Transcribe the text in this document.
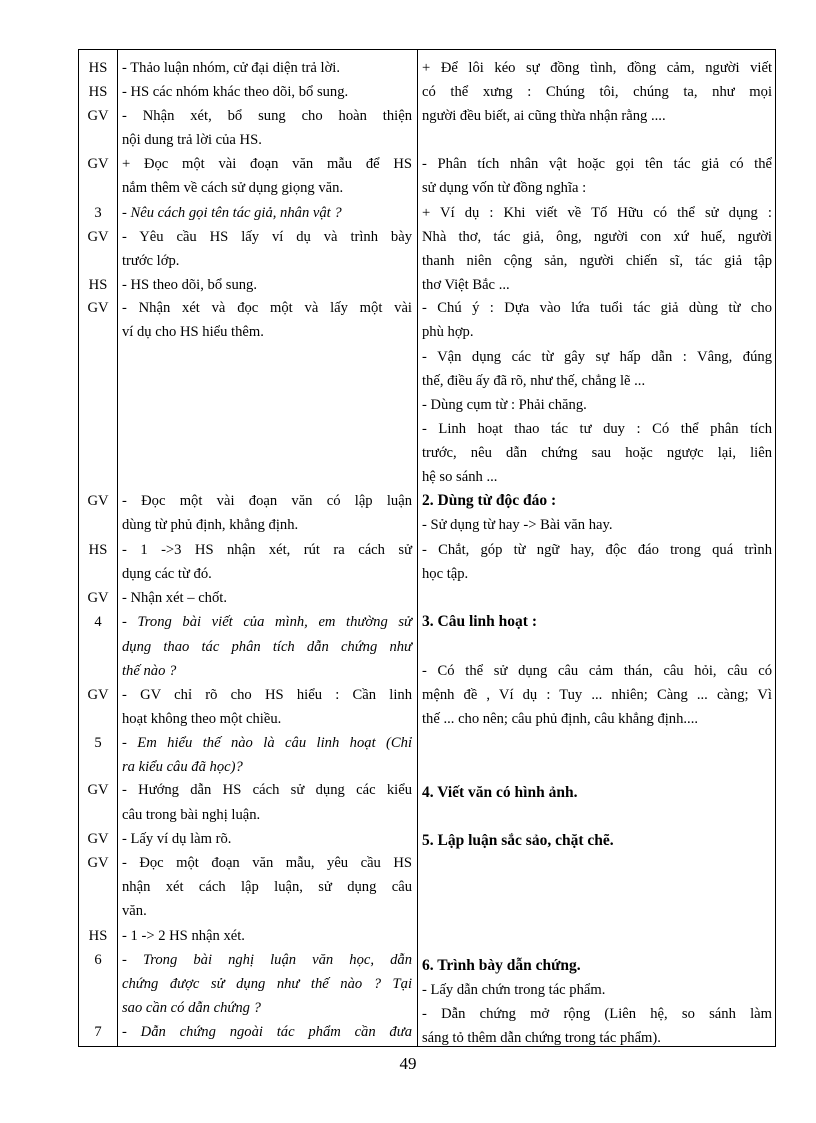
HS
HS
GV
GV
3
GV
HS
GV
GV
HS
GV
4
GV
5
GV
GV
GV
HS
6
7
- Thảo luận nhóm, cử đại diện trả lời.
- HS các nhóm khác theo dõi, bổ sung.
- Nhận xét, bổ sung cho hoàn thiện
nội dung trả lời của HS.
+ Đọc một vài đoạn văn mẫu để HS
nắm thêm về cách sử dụng giọng văn.
- Nêu cách gọi tên tác giả, nhân vật ?
- Yêu cầu HS lấy ví dụ và trình bày
trước lớp.
- HS theo dõi, bổ sung.
- Nhận xét và đọc một và lấy một vài
ví dụ cho HS hiểu thêm.
- Đọc một vài đoạn văn có lập luận
dùng từ phủ định, khẳng định.
- 1 ->3 HS nhận xét, rút ra cách sử
dụng các từ đó.
- Nhận xét – chốt.
- Trong bài viết của mình, em thường sử
dụng thao tác phân tích dẫn chứng như
thế nào ?
- GV chỉ rõ cho HS hiểu : Cần linh
hoạt không theo một chiều.
- Em hiểu thế nào là câu linh hoạt (Chỉ
ra kiểu câu đã học)?
- Hướng dẫn HS cách sử dụng các kiểu
câu trong bài nghị luận.
- Lấy ví dụ làm rõ.
- Đọc một đoạn văn mẫu, yêu cầu HS
nhận xét cách lập luận, sử dụng câu
văn.
- 1 -> 2 HS nhận xét.
- Trong bài nghị luận văn học, dẫn
chứng được sử dụng như thế nào ? Tại
sao cần có dẫn chứng ?
- Dẫn chứng ngoài tác phẩm cần đưa
+ Để lôi kéo sự đồng tình, đồng cảm, người viết
có thể xưng : Chúng tôi, chúng ta, như mọi
người đều biết, ai cũng thừa nhận rằng ....
- Phân tích nhân vật hoặc gọi tên tác giả có thể
sử dụng vốn từ đồng nghĩa :
+ Ví dụ : Khi viết về Tố Hữu có thể sử dụng :
Nhà thơ, tác giả, ông, người con xứ huế, người
thanh niên cộng sản, người chiến sĩ, tác giả tập
thơ Việt Bắc ...
- Chú ý : Dựa vào lứa tuổi tác giả dùng từ cho
phù hợp.
- Vận dụng các từ gây sự hấp dẫn : Vâng, đúng
thế, điều ấy đã rõ, như thế, chẳng lẽ ...
- Dùng cụm từ : Phải chăng.
- Linh hoạt thao tác tư duy : Có thể phân tích
trước, nêu dẫn chứng sau hoặc ngược lại, liên
hệ so sánh ...
2. Dùng từ độc đáo :
- Sử dụng từ hay -> Bài văn hay.
- Chắt, góp từ ngữ hay, độc đáo trong quá trình
học tập.
3. Câu linh hoạt :
- Có thể sử dụng câu cảm thán, câu hỏi, câu có
mệnh đề , Ví dụ : Tuy ... nhiên; Càng ... càng; Vì
thế ... cho nên; câu phủ định, câu khẳng định....
4. Viết văn có hình ảnh.
5. Lập luận sắc sảo, chặt chẽ.
6. Trình bày dẫn chứng.
- Lấy dẫn chứn trong tác phẩm.
- Dẫn chứng mở rộng (Liên hệ, so sánh làm
sáng tỏ thêm dẫn chứng trong tác phẩm).
49
